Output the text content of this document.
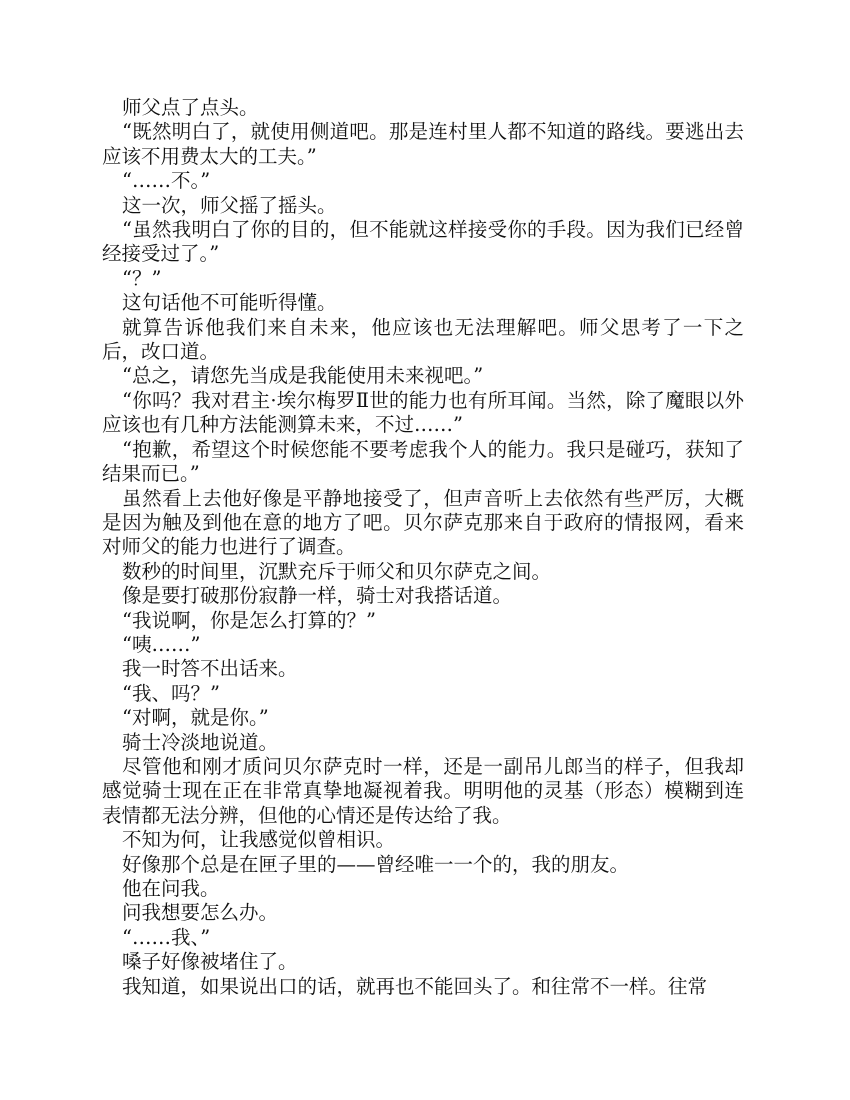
师父点了点头。

“既然明白了，就使用侧道吧。那是连村里人都不知道的路线。要逃出去应该不用费太大的工夫。”

“……不。”

这一次，师父摇了摇头。

“虽然我明白了你的目的，但不能就这样接受你的手段。因为我们已经曾经接受过了。”

“？”

这句话他不可能听得懂。

就算告诉他我们来自未来，他应该也无法理解吧。师父思考了一下之后，改口道。

“总之，请您先当成是我能使用未来视吧。”

“你吗？我对君主·埃尔梅罗Ⅱ世的能力也有所耳闻。当然，除了魔眼以外应该也有几种方法能测算未来，不过……”

“抱歉，希望这个时候您能不要考虑我个人的能力。我只是碰巧，获知了结果而已。”

虽然看上去他好像是平静地接受了，但声音听上去依然有些严厉，大概是因为触及到他在意的地方了吧。贝尔萨克那来自于政府的情报网，看来对师父的能力也进行了调查。

数秒的时间里，沉默充斥于师父和贝尔萨克之间。

像是要打破那份寂静一样，骑士对我搭话道。

“我说啊，你是怎么打算的？”

“咦……”

我一时答不出话来。

“我、吗？”

“对啊，就是你。”

骑士冷淡地说道。

尽管他和刚才质问贝尔萨克时一样，还是一副吊儿郎当的样子，但我却感觉骑士现在正在非常真挚地凝视着我。明明他的灵基（形态）模糊到连表情都无法分辨，但他的心情还是传达给了我。

不知为何，让我感觉似曾相识。

好像那个总是在匣子里的——曾经唯一一个的，我的朋友。

他在问我。

问我想要怎么办。

“……我、”

嗓子好像被堵住了。

我知道，如果说出口的话，就再也不能回头了。和往常不一样。往常
